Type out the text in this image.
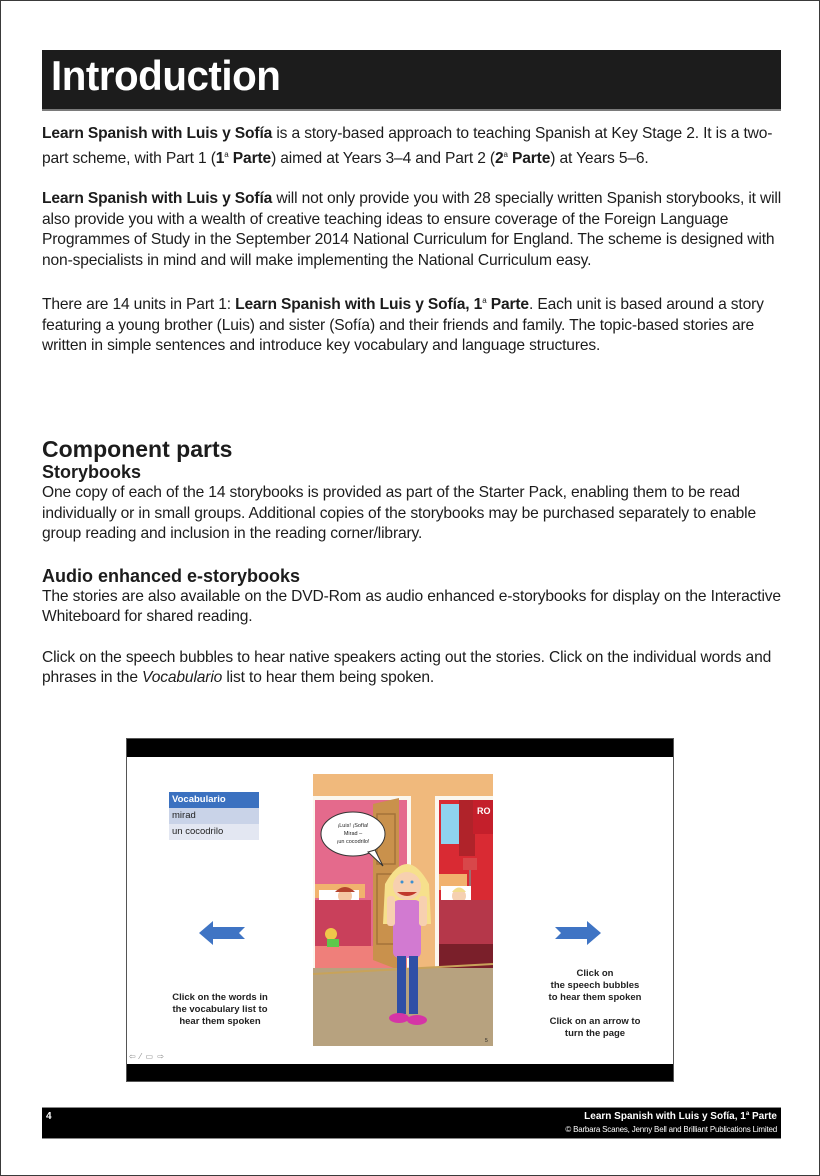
Introduction

Learn Spanish with Luis y Sofía is a story-based approach to teaching Spanish at Key Stage 2. It is a two-part scheme, with Part 1 (1$^a$ Parte) aimed at Years 3–4 and Part 2 (2$^a$ Parte) at Years 5–6.

Learn Spanish with Luis y Sofía will not only provide you with 28 specially written Spanish storybooks, it will also provide you with a wealth of creative teaching ideas to ensure coverage of the Foreign Language Programmes of Study in the September 2014 National Curriculum for England. The scheme is designed with non-specialists in mind and will make implementing the National Curriculum easy.

There are 14 units in Part 1: Learn Spanish with Luis y Sofía, 1$^a$ Parte. Each unit is based around a story featuring a young brother (Luis) and sister (Sofía) and their friends and family. The topic-based stories are written in simple sentences and introduce key vocabulary and language structures.

Component parts
Storybooks

One copy of each of the 14 storybooks is provided as part of the Starter Pack, enabling them to be read individually or in small groups. Additional copies of the storybooks may be purchased separately to enable group reading and inclusion in the reading corner/library.

Audio enhanced e-storybooks

The stories are also available on the DVD-Rom as audio enhanced e-storybooks for display on the Interactive Whiteboard for shared reading.

Click on the speech bubbles to hear native speakers acting out the stories. Click on the individual words and phrases in the Vocabulario list to hear them being spoken.

Vocabulario
mirad
un cocodrilo
Click on the words in
the vocabulary list to
hear them spoken
Click on
the speech bubbles
to hear them spoken
Click on an arrow to
turn the page
RO
¡Luis! ¡Sofía!
Mirad –
¡un cocodrilo!
5
⇦ ⁄ ▭ ⇨
4	Learn Spanish with Luis y Sofía, 1$^a$ Parte
© Barbara Scanes, Jenny Bell and Brilliant Publications Limited
